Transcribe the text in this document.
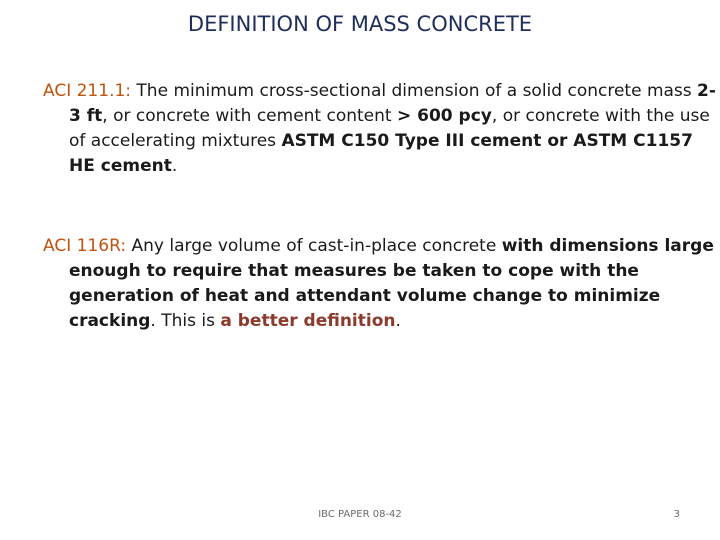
DEFINITION OF MASS CONCRETE
ACI 211.1: The minimum cross-sectional dimension of a solid concrete mass 2-3 ft, or concrete with cement content > 600 pcy, or concrete with the use of accelerating mixtures ASTM C150 Type III cement or ASTM C1157 HE cement.
ACI 116R: Any large volume of cast-in-place concrete with dimensions large enough to require that measures be taken to cope with the generation of heat and attendant volume change to minimize cracking. This is a better definition.
IBC PAPER 08-42	3
